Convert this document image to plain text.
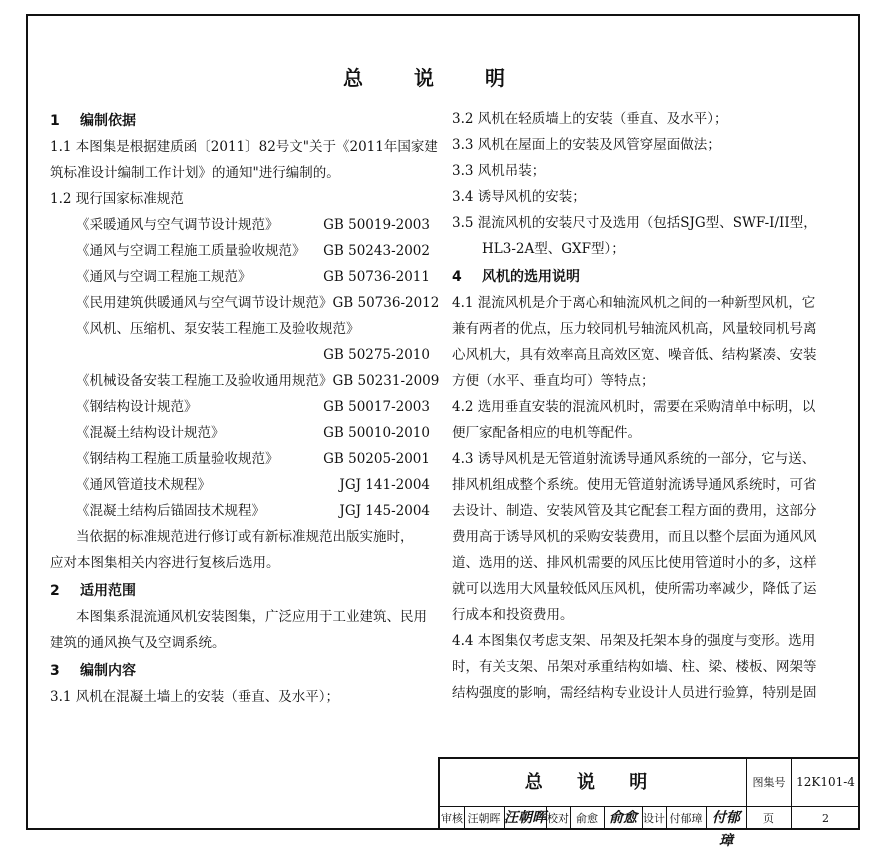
总 说 明
1 编制依据
1.1 本图集是根据建质函〔2011〕82号文"关于《2011年国家建
筑标准设计编制工作计划》的通知"进行编制的。
1.2 现行国家标准规范
《采暖通风与空气调节设计规范》	GB 50019-2003
《通风与空调工程施工质量验收规范》 GB 50243-2002
《通风与空调工程施工规范》	GB 50736-2011
《民用建筑供暖通风与空气调节设计规范》 GB 50736-2012
《风机、压缩机、泵安装工程施工及验收规范》
GB 50275-2010
《机械设备安装工程施工及验收通用规范》 GB 50231-2009
《钢结构设计规范》	GB 50017-2003
《混凝土结构设计规范》	GB 50010-2010
《钢结构工程施工质量验收规范》	GB 50205-2001
《通风管道技术规程》	JGJ 141-2004
《混凝土结构后锚固技术规程》	JGJ 145-2004
当依据的标准规范进行修订或有新标准规范出版实施时，
应对本图集相关内容进行复核后选用。
2 适用范围
本图集系混流通风机安装图集，广泛应用于工业建筑、民用
建筑的通风换气及空调系统。
3 编制内容
3.1 风机在混凝土墙上的安装（垂直、及水平）；
3.2 风机在轻质墙上的安装（垂直、及水平）；
3.3 风机在屋面上的安装及风管穿屋面做法；
3.3 风机吊装；
3.4 诱导风机的安装；
3.5 混流风机的安装尺寸及选用（包括SJG型、SWF-I/II型，
HL3-2A型、GXF型）；
4 风机的选用说明
4.1 混流风机是介于离心和轴流风机之间的一种新型风机，它
兼有两者的优点，压力较同机号轴流风机高，风量较同机号离
心风机大，具有效率高且高效区宽、噪音低、结构紧凑、安装
方便（水平、垂直均可）等特点；
4.2 选用垂直安装的混流风机时，需要在采购清单中标明，以
便厂家配备相应的电机等配件。
4.3 诱导风机是无管道射流诱导通风系统的一部分，它与送、
排风机组成整个系统。使用无管道射流诱导通风系统时，可省
去设计、制造、安装风管及其它配套工程方面的费用，这部分
费用高于诱导风机的采购安装费用，而且以整个层面为通风风
道、选用的送、排风机需要的风压比使用管道时小的多，这样
就可以选用大风量较低风压风机，使所需功率减少，降低了运
行成本和投资费用。
4.4 本图集仅考虑支架、吊架及托架本身的强度与变形。选用
时，有关支架、吊架对承重结构如墙、柱、梁、楼板、网架等
结构强度的影响，需经结构专业设计人员进行验算，特别是固
总 说 明	图集号 12K101-4
审核 汪朝晖 汪朝晖 校对 俞愈 俞愈 设计 付郁璋 付郁璋
页	2
